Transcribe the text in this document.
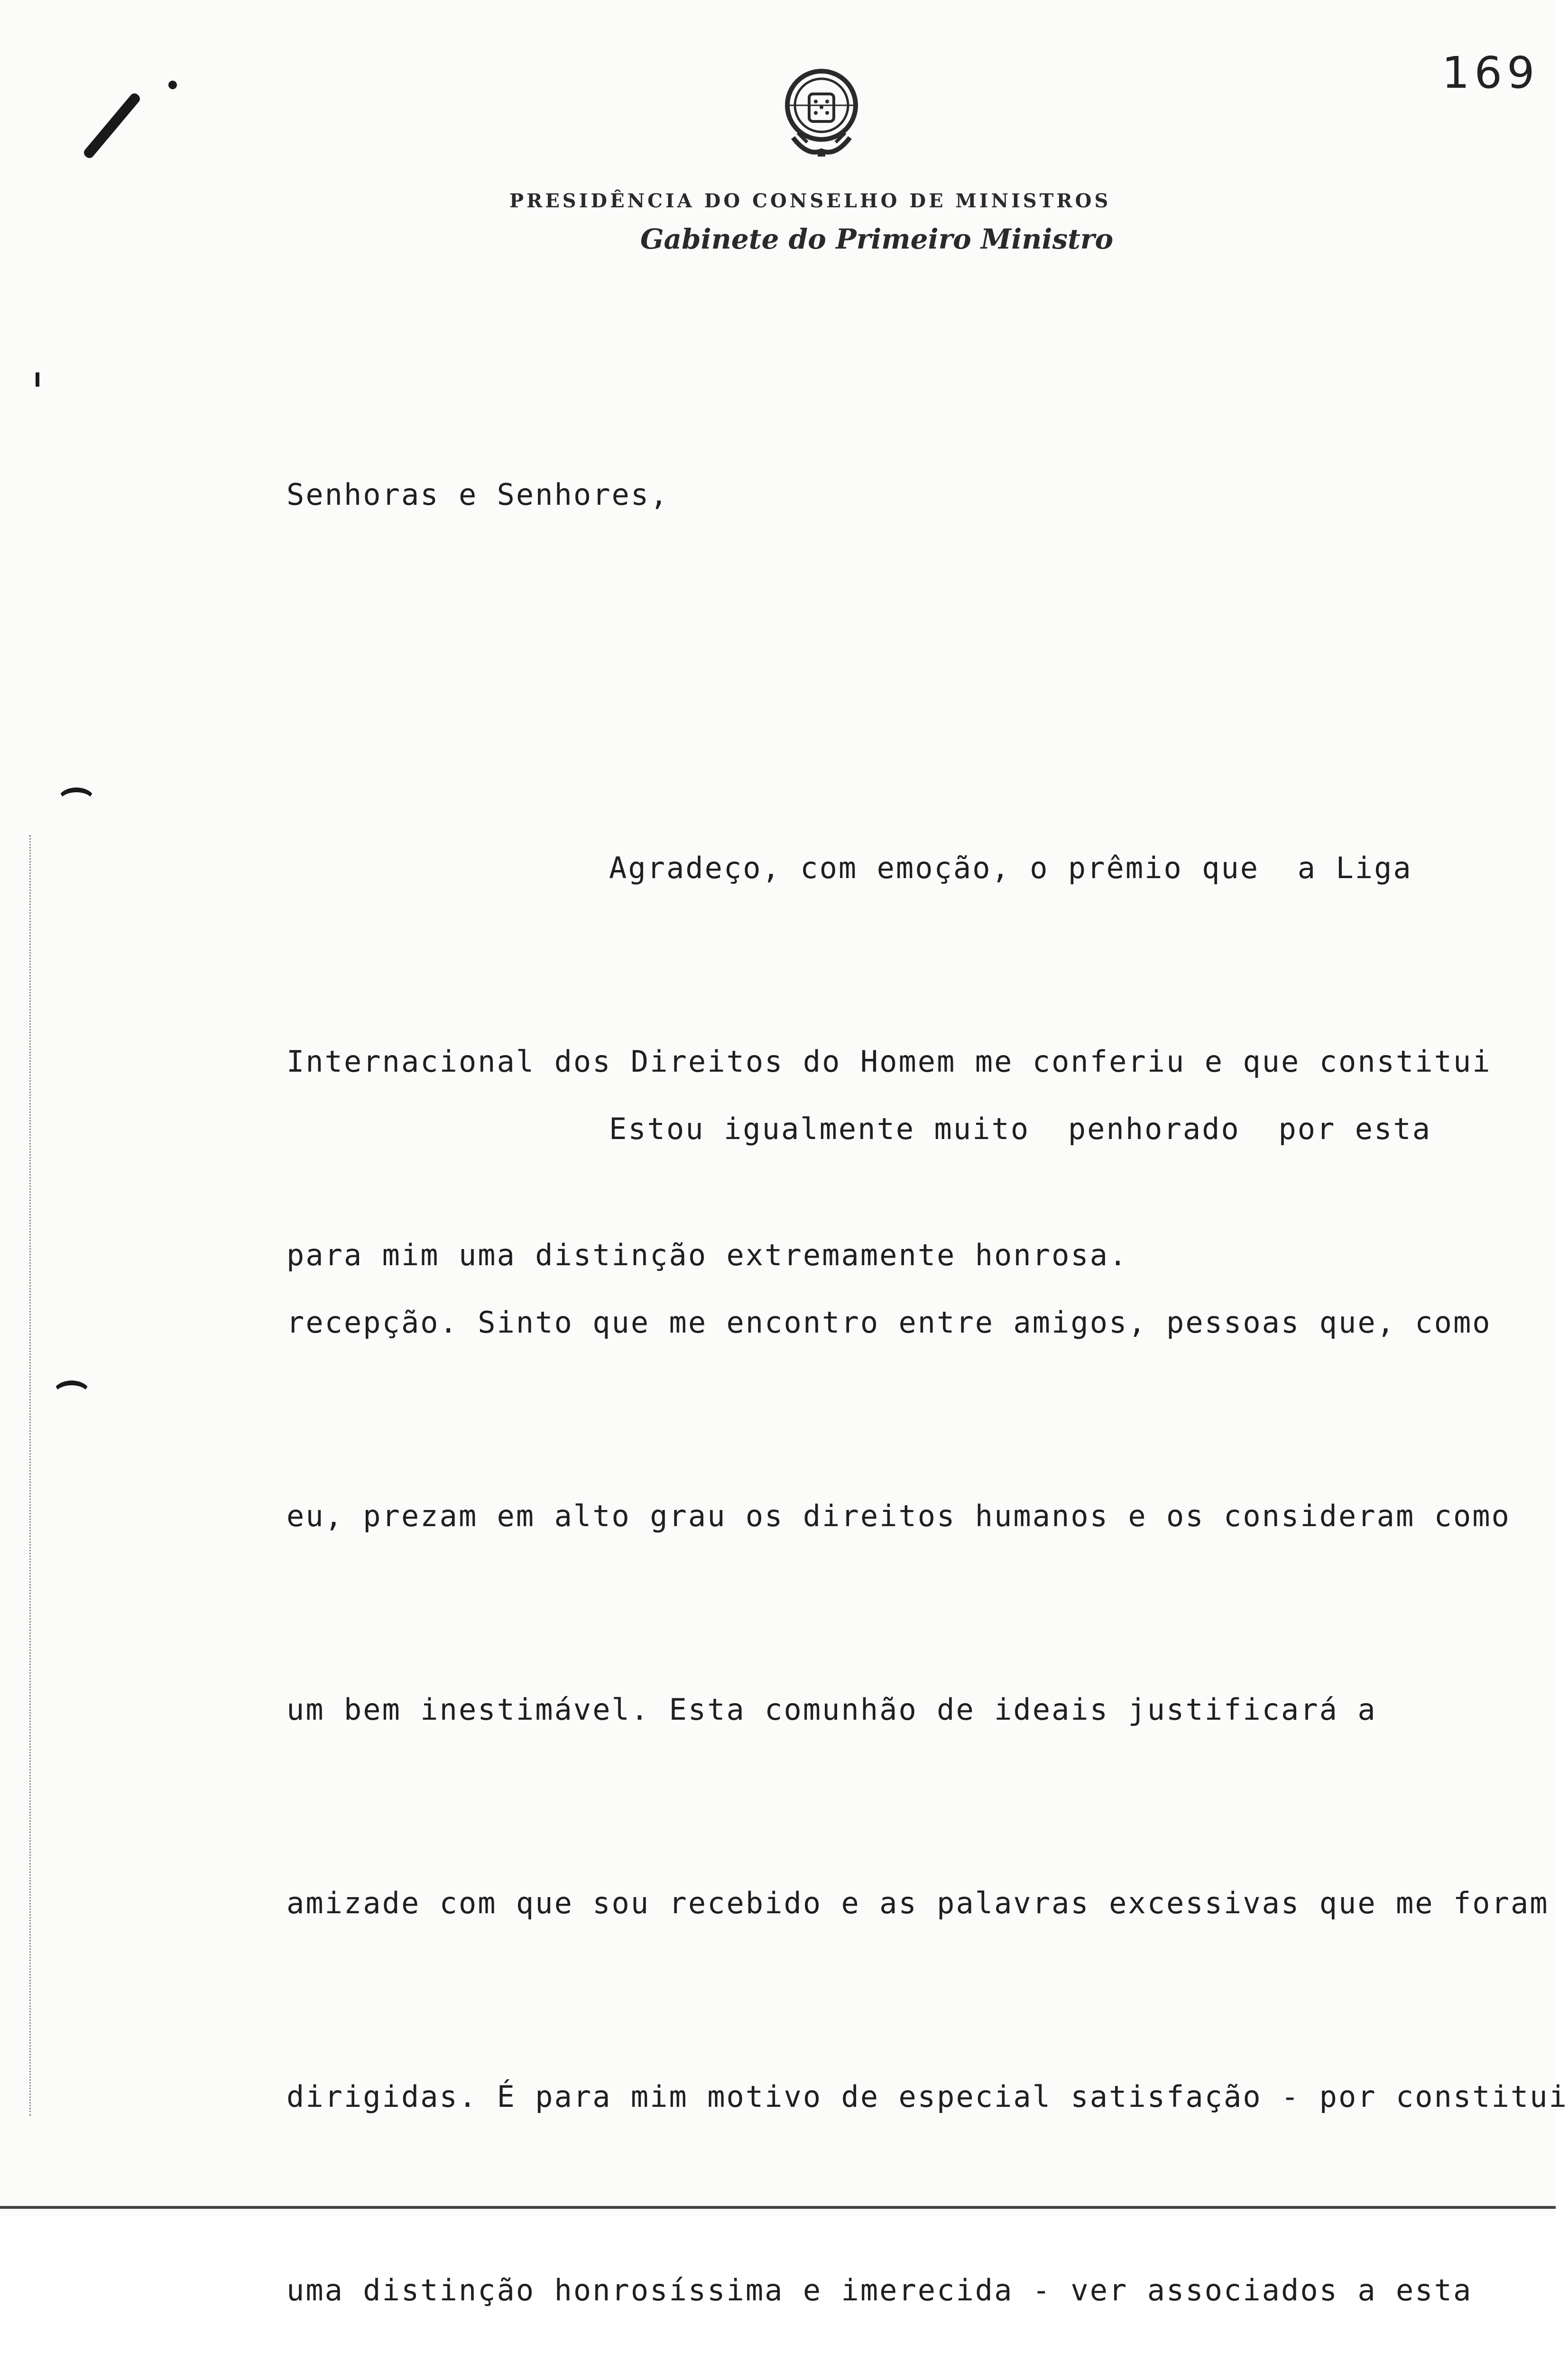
169
PRESIDÊNCIA DO CONSELHO DE MINISTROS
Gabinete do Primeiro Ministro
Senhoras e Senhores,

Agradeço, com emoção, o prêmio que  a Liga

Internacional dos Direitos do Homem me conferiu e que constitui

para mim uma distinção extremamente honrosa.

Estou igualmente muito  penhorado  por esta

recepção. Sinto que me encontro entre amigos, pessoas que, como

eu, prezam em alto grau os direitos humanos e os consideram como

um bem inestimável. Esta comunhão de ideais justificará a

amizade com que sou recebido e as palavras excessivas que me foram

dirigidas. É para mim motivo de especial satisfação - por constitui

uma distinção honrosíssima e imerecida - ver associados a esta
